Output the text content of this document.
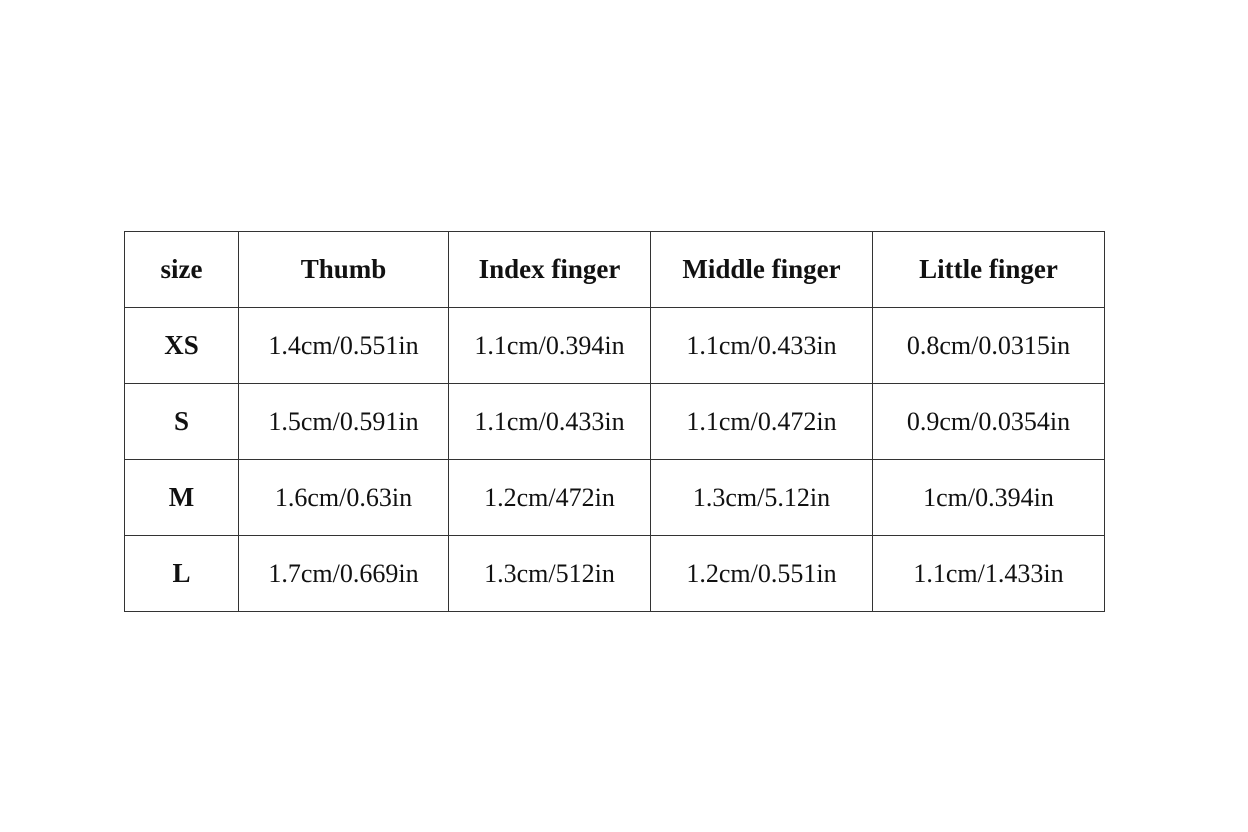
size	Thumb	Index finger	Middle finger	Little finger
XS	1.4cm/0.551in	1.1cm/0.394in	1.1cm/0.433in	0.8cm/0.0315in
S	1.5cm/0.591in	1.1cm/0.433in	1.1cm/0.472in	0.9cm/0.0354in
M	1.6cm/0.63in	1.2cm/472in	1.3cm/5.12in	1cm/0.394in
L	1.7cm/0.669in	1.3cm/512in	1.2cm/0.551in	1.1cm/1.433in
